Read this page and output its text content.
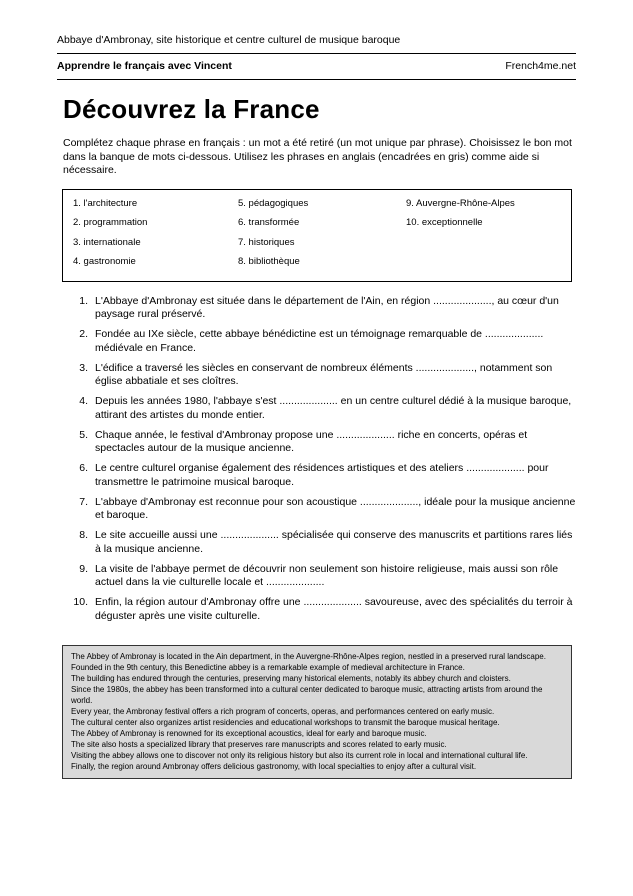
Abbaye d'Ambronay, site historique et centre culturel de musique baroque
Apprendre le français avec Vincent	French4me.net
Découvrez la France

Complétez chaque phrase en français : un mot a été retiré (un mot unique par phrase). Choisissez le bon mot dans la banque de mots ci-dessous. Utilisez les phrases en anglais (encadrées en gris) comme aide si nécessaire.

1. l'architecture
2. programmation
3. internationale
4. gastronomie
5. pédagogiques
6. transformée
7. historiques
8. bibliothèque
9. Auvergne-Rhône-Alpes
10. exceptionnelle
1. L'Abbaye d'Ambronay est située dans le département de l'Ain, en région ...................., au cœur d'un paysage rural préservé.
2. Fondée au IXe siècle, cette abbaye bénédictine est un témoignage remarquable de .................... médiévale en France.
3. L'édifice a traversé les siècles en conservant de nombreux éléments ...................., notamment son église abbatiale et ses cloîtres.
4. Depuis les années 1980, l'abbaye s'est .................... en un centre culturel dédié à la musique baroque, attirant des artistes du monde entier.
5. Chaque année, le festival d'Ambronay propose une .................... riche en concerts, opéras et spectacles autour de la musique ancienne.
6. Le centre culturel organise également des résidences artistiques et des ateliers .................... pour transmettre le patrimoine musical baroque.
7. L'abbaye d'Ambronay est reconnue pour son acoustique ...................., idéale pour la musique ancienne et baroque.
8. Le site accueille aussi une .................... spécialisée qui conserve des manuscrits et partitions rares liés à la musique ancienne.
9. La visite de l'abbaye permet de découvrir non seulement son histoire religieuse, mais aussi son rôle actuel dans la vie culturelle locale et ....................
10. Enfin, la région autour d'Ambronay offre une .................... savoureuse, avec des spécialités du terroir à déguster après une visite culturelle.

The Abbey of Ambronay is located in the Ain department, in the Auvergne-Rhône-Alpes region, nestled in a preserved rural landscape.

Founded in the 9th century, this Benedictine abbey is a remarkable example of medieval architecture in France.

The building has endured through the centuries, preserving many historical elements, notably its abbey church and cloisters.

Since the 1980s, the abbey has been transformed into a cultural center dedicated to baroque music, attracting artists from around the world.

Every year, the Ambronay festival offers a rich program of concerts, operas, and performances centered on early music.

The cultural center also organizes artist residencies and educational workshops to transmit the baroque musical heritage.

The Abbey of Ambronay is renowned for its exceptional acoustics, ideal for early and baroque music.

The site also hosts a specialized library that preserves rare manuscripts and scores related to early music.

Visiting the abbey allows one to discover not only its religious history but also its current role in local and international cultural life.

Finally, the region around Ambronay offers delicious gastronomy, with local specialties to enjoy after a cultural visit.
